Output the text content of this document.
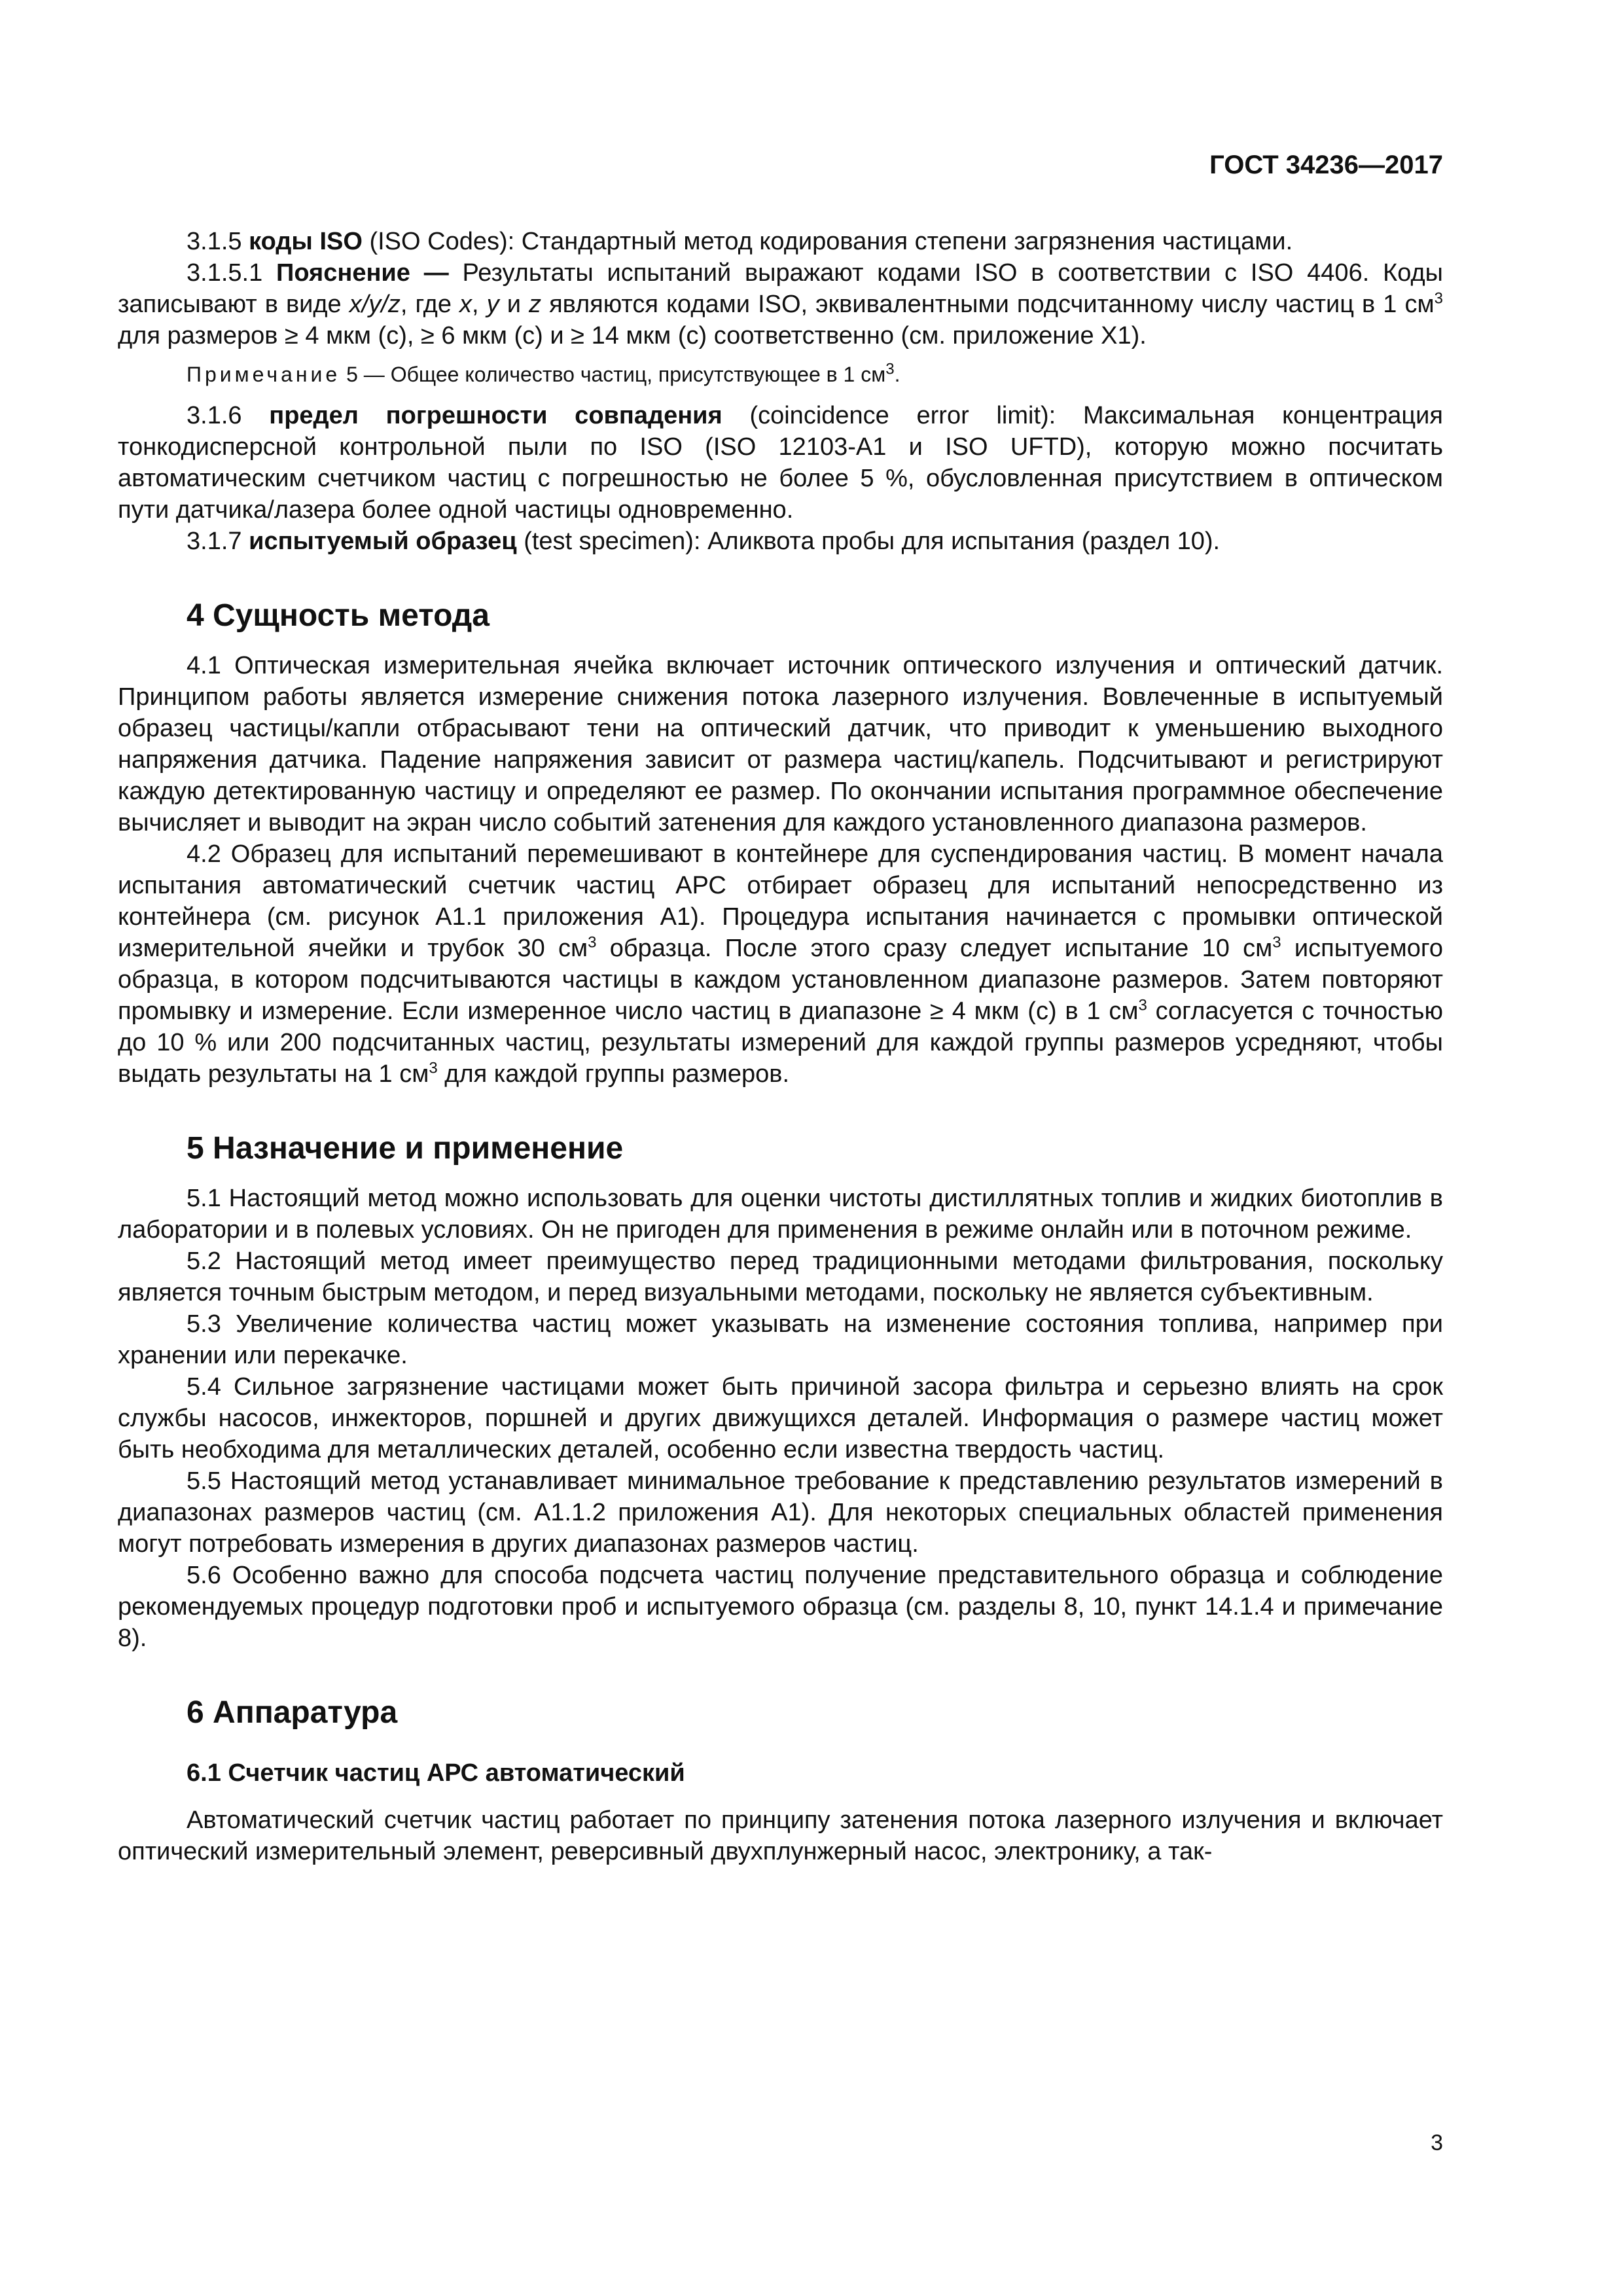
ГОСТ 34236—2017

3.1.5 коды ISO (ISO Codes): Стандартный метод кодирования степени загрязнения частицами.

3.1.5.1 Пояснение — Результаты испытаний выражают кодами ISO в соответствии с ISO 4406. Коды записывают в виде x/y/z, где x, y и z являются кодами ISO, эквивалентными подсчитанному числу частиц в 1 $см^3$ для размеров ≥ 4 мкм (с), ≥ 6 мкм (с) и ≥ 14 мкм (с) соответственно (см. приложение Х1).

Примечание 5 — Общее количество частиц, присутствующее в 1 $см^3$.

3.1.6 предел погрешности совпадения (coincidence error limit): Максимальная концентрация тонкодисперсной контрольной пыли по ISO (ISO 12103-A1 и ISO UFTD), которую можно посчитать автоматическим счетчиком частиц с погрешностью не более 5 %, обусловленная присутствием в оптическом пути датчика/лазера более одной частицы одновременно.

3.1.7 испытуемый образец (test specimen): Аликвота пробы для испытания (раздел 10).

4 Сущность метода

4.1 Оптическая измерительная ячейка включает источник оптического излучения и оптический датчик. Принципом работы является измерение снижения потока лазерного излучения. Вовлеченные в испытуемый образец частицы/капли отбрасывают тени на оптический датчик, что приводит к уменьшению выходного напряжения датчика. Падение напряжения зависит от размера частиц/капель. Подсчитывают и регистрируют каждую детектированную частицу и определяют ее размер. По окончании испытания программное обеспечение вычисляет и выводит на экран число событий затенения для каждого установленного диапазона размеров.

4.2 Образец для испытаний перемешивают в контейнере для суспендирования частиц. В момент начала испытания автоматический счетчик частиц АРС отбирает образец для испытаний непосредственно из контейнера (см. рисунок А1.1 приложения А1). Процедура испытания начинается с промывки оптической измерительной ячейки и трубок 30 $см^3$ образца. После этого сразу следует испытание 10 $см^3$ испытуемого образца, в котором подсчитываются частицы в каждом установленном диапазоне размеров. Затем повторяют промывку и измерение. Если измеренное число частиц в диапазоне ≥ 4 мкм (с) в 1 $см^3$ согласуется с точностью до 10 % или 200 подсчитанных частиц, результаты измерений для каждой группы размеров усредняют, чтобы выдать результаты на 1 $см^3$ для каждой группы размеров.

5 Назначение и применение

5.1 Настоящий метод можно использовать для оценки чистоты дистиллятных топлив и жидких биотоплив в лаборатории и в полевых условиях. Он не пригоден для применения в режиме онлайн или в поточном режиме.

5.2 Настоящий метод имеет преимущество перед традиционными методами фильтрования, поскольку является точным быстрым методом, и перед визуальными методами, поскольку не является субъективным.

5.3 Увеличение количества частиц может указывать на изменение состояния топлива, например при хранении или перекачке.

5.4 Сильное загрязнение частицами может быть причиной засора фильтра и серьезно влиять на срок службы насосов, инжекторов, поршней и других движущихся деталей. Информация о размере частиц может быть необходима для металлических деталей, особенно если известна твердость частиц.

5.5 Настоящий метод устанавливает минимальное требование к представлению результатов измерений в диапазонах размеров частиц (см. А1.1.2 приложения А1). Для некоторых специальных областей применения могут потребовать измерения в других диапазонах размеров частиц.

5.6 Особенно важно для способа подсчета частиц получение представительного образца и соблюдение рекомендуемых процедур подготовки проб и испытуемого образца (см. разделы 8, 10, пункт 14.1.4 и примечание 8).

6 Аппаратура
6.1 Счетчик частиц АРС автоматический

Автоматический счетчик частиц работает по принципу затенения потока лазерного излучения и включает оптический измерительный элемент, реверсивный двухплунжерный насос, электронику, а так-

3
